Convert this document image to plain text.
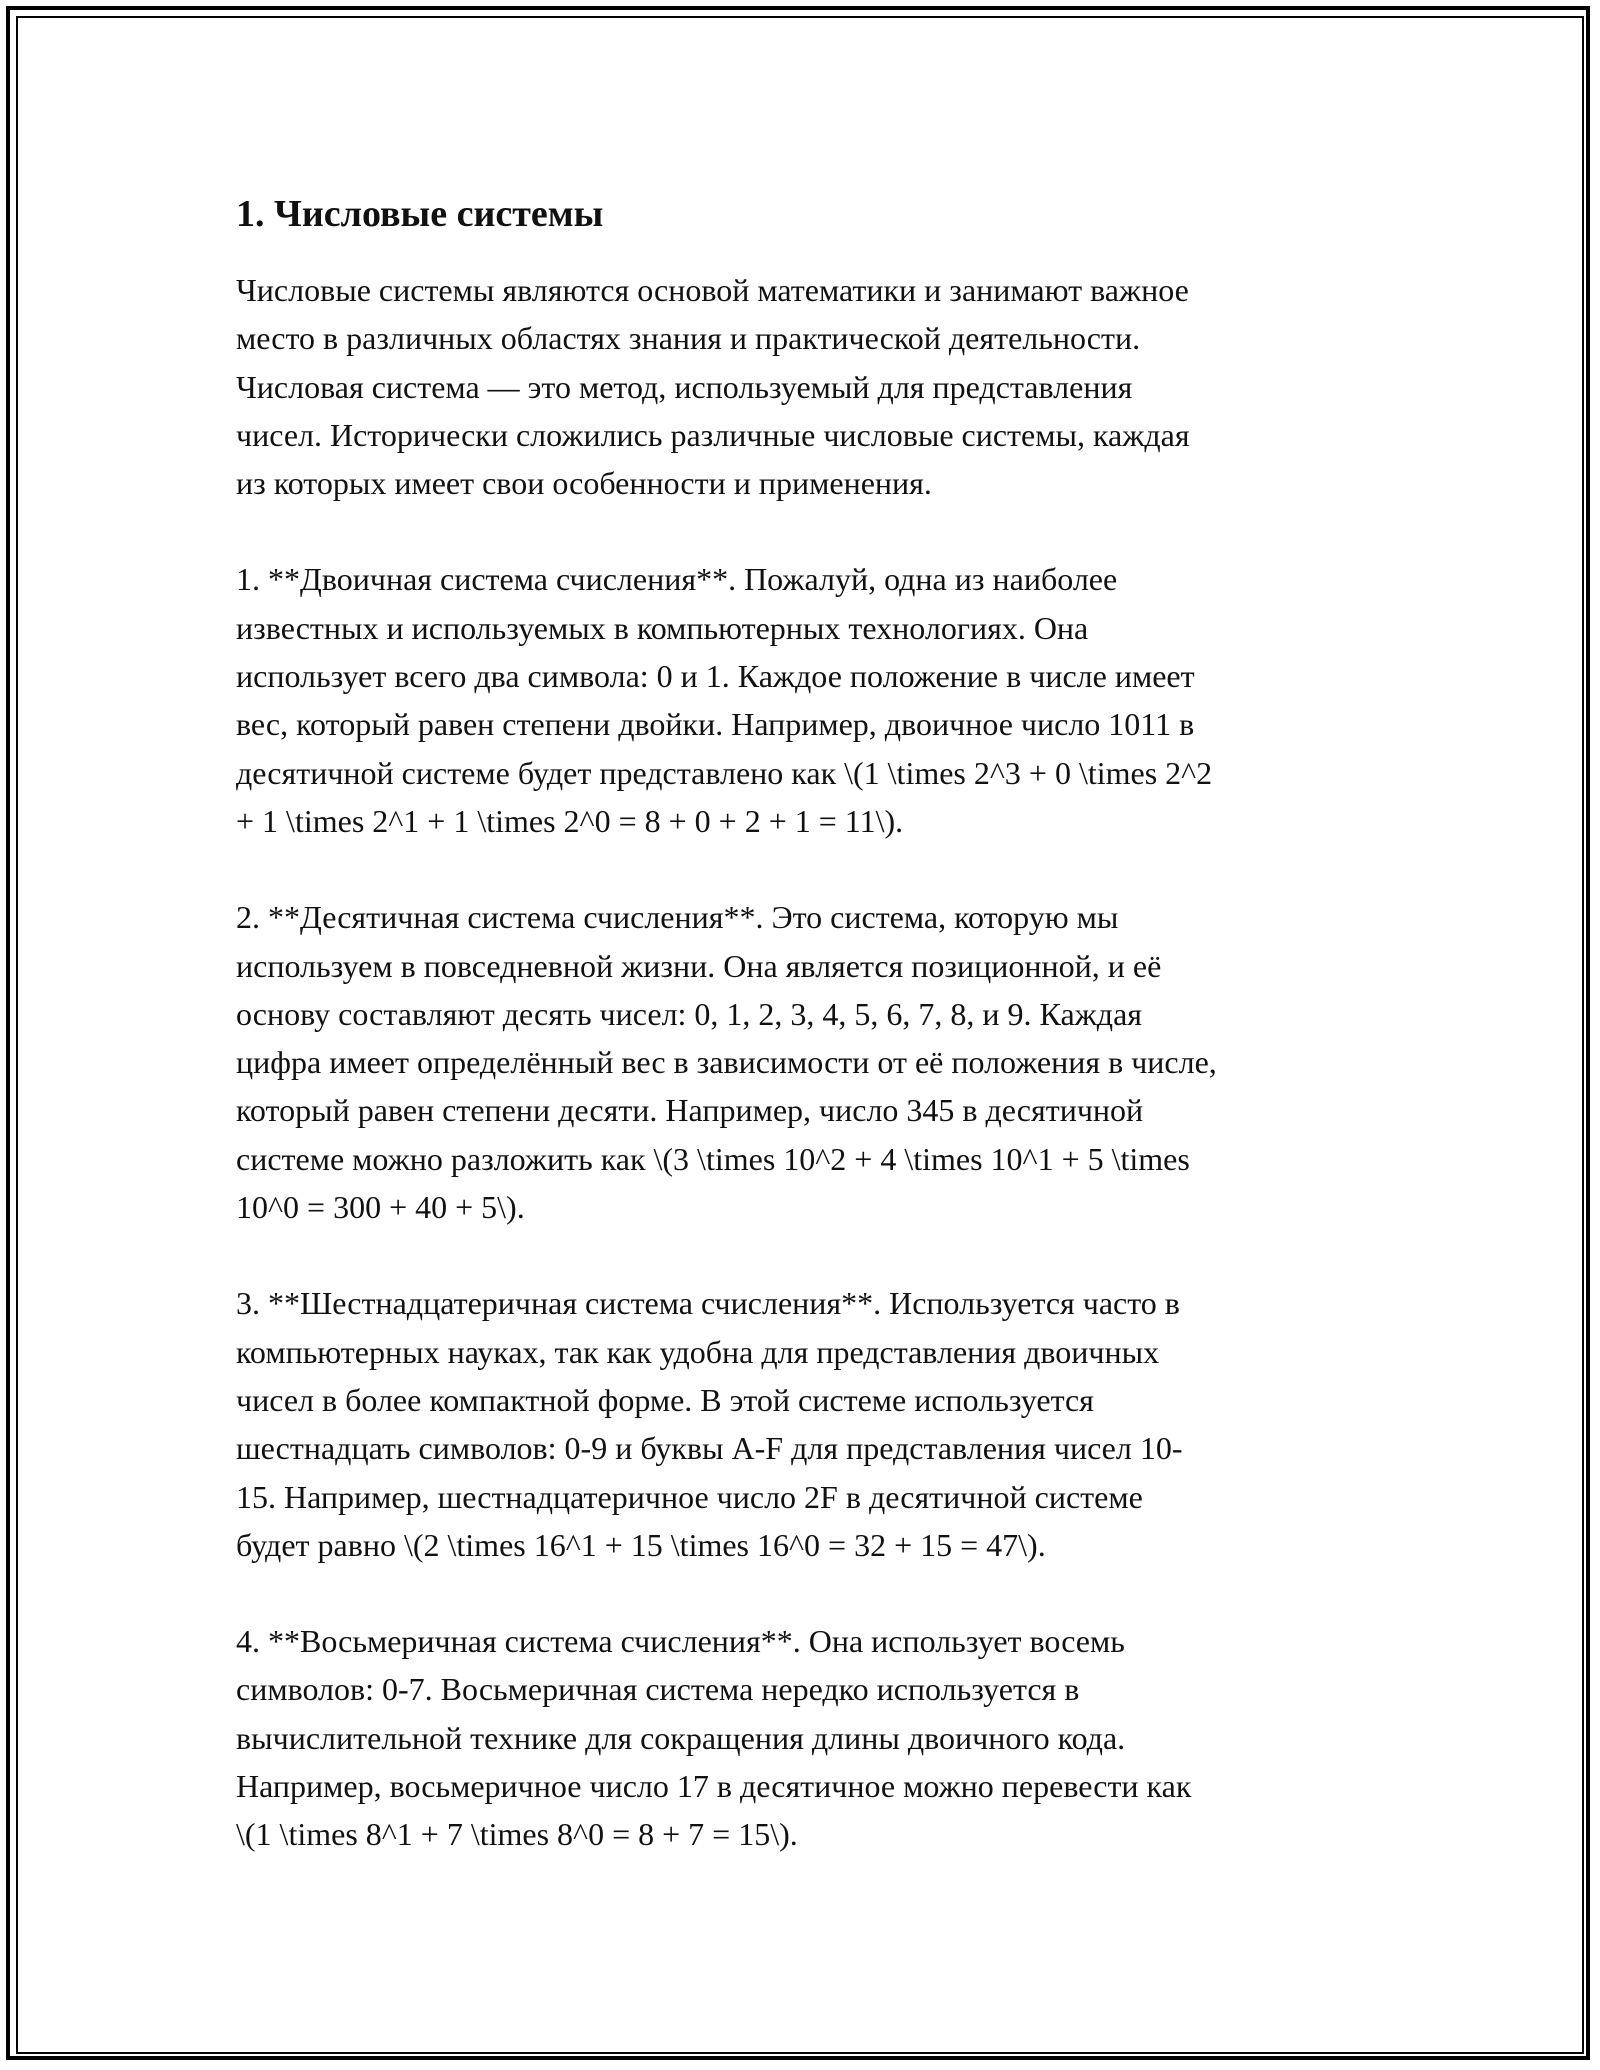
1. Числовые системы

Числовые системы являются основой математики и занимают важное
место в различных областях знания и практической деятельности.
Числовая система — это метод, используемый для представления
чисел. Исторически сложились различные числовые системы, каждая
из которых имеет свои особенности и применения.

1. **Двоичная система счисления**. Пожалуй, одна из наиболее
известных и используемых в компьютерных технологиях. Она
использует всего два символа: 0 и 1. Каждое положение в числе имеет
вес, который равен степени двойки. Например, двоичное число 1011 в
десятичной системе будет представлено как \(1 \times 2^3 + 0 \times 2^2
+ 1 \times 2^1 + 1 \times 2^0 = 8 + 0 + 2 + 1 = 11\).

2. **Десятичная система счисления**. Это система, которую мы
используем в повседневной жизни. Она является позиционной, и её
основу составляют десять чисел: 0, 1, 2, 3, 4, 5, 6, 7, 8, и 9. Каждая
цифра имеет определённый вес в зависимости от её положения в числе,
который равен степени десяти. Например, число 345 в десятичной
системе можно разложить как \(3 \times 10^2 + 4 \times 10^1 + 5 \times
10^0 = 300 + 40 + 5\).

3. **Шестнадцатеричная система счисления**. Используется часто в
компьютерных науках, так как удобна для представления двоичных
чисел в более компактной форме. В этой системе используется
шестнадцать символов: 0-9 и буквы A-F для представления чисел 10-
15. Например, шестнадцатеричное число 2F в десятичной системе
будет равно \(2 \times 16^1 + 15 \times 16^0 = 32 + 15 = 47\).

4. **Восьмеричная система счисления**. Она использует восемь
символов: 0-7. Восьмеричная система нередко используется в
вычислительной технике для сокращения длины двоичного кода.
Например, восьмеричное число 17 в десятичное можно перевести как
\(1 \times 8^1 + 7 \times 8^0 = 8 + 7 = 15\).
